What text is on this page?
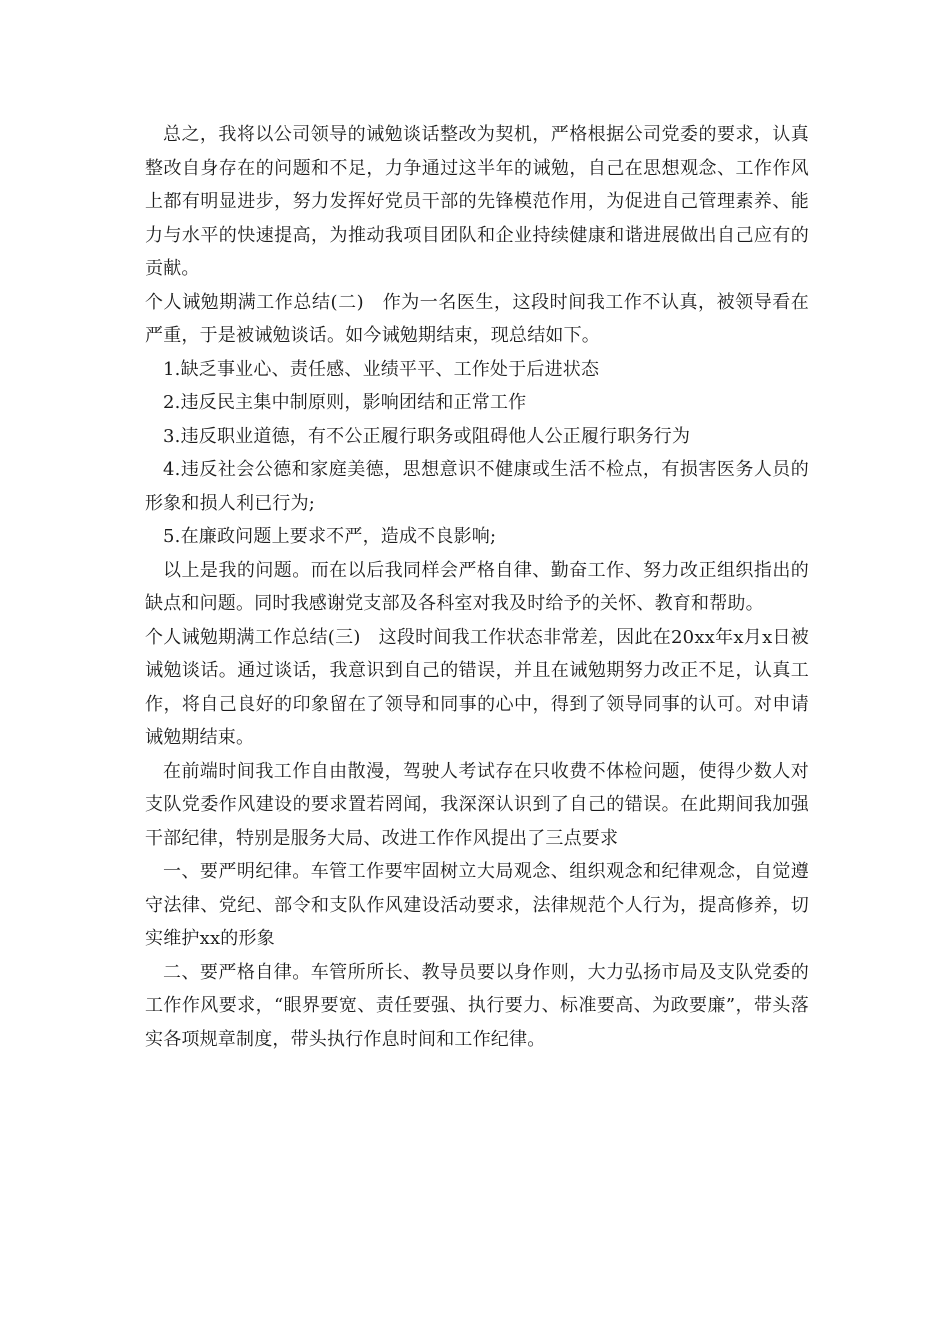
总之，我将以公司领导的诫勉谈话整改为契机，严格根据公司党委的要求，认真整改自身存在的问题和不足，力争通过这半年的诫勉，自己在思想观念、工作作风上都有明显进步，努力发挥好党员干部的先锋模范作用，为促进自己管理素养、能力与水平的快速提高，为推动我项目团队和企业持续健康和谐进展做出自己应有的贡献。

个人诫勉期满工作总结(二) 作为一名医生，这段时间我工作不认真，被领导看在严重，于是被诫勉谈话。如今诫勉期结束，现总结如下。

1.缺乏事业心、责任感、业绩平平、工作处于后进状态

2.违反民主集中制原则，影响团结和正常工作

3.违反职业道德，有不公正履行职务或阻碍他人公正履行职务行为

4.违反社会公德和家庭美德，思想意识不健康或生活不检点，有损害医务人员的形象和损人利已行为;

5.在廉政问题上要求不严，造成不良影响;

以上是我的问题。而在以后我同样会严格自律、勤奋工作、努力改正组织指出的缺点和问题。同时我感谢党支部及各科室对我及时给予的关怀、教育和帮助。

个人诫勉期满工作总结(三) 这段时间我工作状态非常差，因此在20xx年x月x日被诫勉谈话。通过谈话，我意识到自己的错误，并且在诫勉期努力改正不足，认真工作，将自己良好的印象留在了领导和同事的心中，得到了领导同事的认可。对申请诫勉期结束。

在前端时间我工作自由散漫，驾驶人考试存在只收费不体检问题，使得少数人对支队党委作风建设的要求置若罔闻，我深深认识到了自己的错误。在此期间我加强干部纪律，特别是服务大局、改进工作作风提出了三点要求

一、要严明纪律。车管工作要牢固树立大局观念、组织观念和纪律观念，自觉遵守法律、党纪、部令和支队作风建设活动要求，法律规范个人行为，提高修养，切实维护xx的形象

二、要严格自律。车管所所长、教导员要以身作则，大力弘扬市局及支队党委的工作作风要求，“眼界要宽、责任要强、执行要力、标准要高、为政要廉”，带头落实各项规章制度，带头执行作息时间和工作纪律。
